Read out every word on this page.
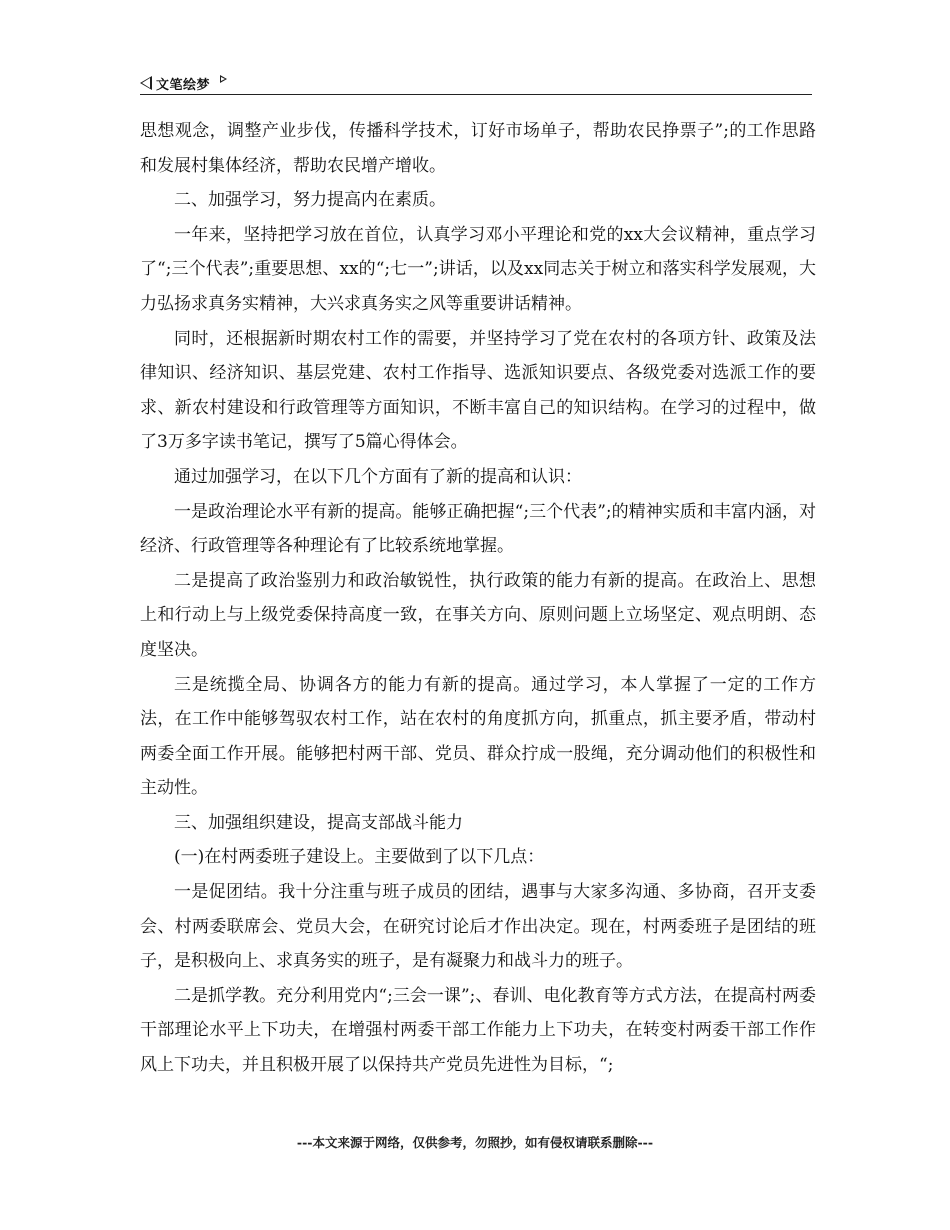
文笔绘梦

思想观念，调整产业步伐，传播科学技术，订好市场单子，帮助农民挣票子”;的工作思路和发展村集体经济，帮助农民增产增收。

二、加强学习，努力提高内在素质。

一年来，坚持把学习放在首位，认真学习邓小平理论和党的xx大会议精神，重点学习了“;三个代表”;重要思想、xx的“;七一”;讲话，以及xx同志关于树立和落实科学发展观，大力弘扬求真务实精神，大兴求真务实之风等重要讲话精神。

同时，还根据新时期农村工作的需要，并坚持学习了党在农村的各项方针、政策及法律知识、经济知识、基层党建、农村工作指导、选派知识要点、各级党委对选派工作的要求、新农村建设和行政管理等方面知识，不断丰富自己的知识结构。在学习的过程中，做了3万多字读书笔记，撰写了5篇心得体会。

通过加强学习，在以下几个方面有了新的提高和认识：

一是政治理论水平有新的提高。能够正确把握“;三个代表”;的精神实质和丰富内涵，对经济、行政管理等各种理论有了比较系统地掌握。

二是提高了政治鉴别力和政治敏锐性，执行政策的能力有新的提高。在政治上、思想上和行动上与上级党委保持高度一致，在事关方向、原则问题上立场坚定、观点明朗、态度坚决。

三是统揽全局、协调各方的能力有新的提高。通过学习，本人掌握了一定的工作方法，在工作中能够驾驭农村工作，站在农村的角度抓方向，抓重点，抓主要矛盾，带动村两委全面工作开展。能够把村两干部、党员、群众拧成一股绳，充分调动他们的积极性和主动性。

三、加强组织建设，提高支部战斗能力

(一)在村两委班子建设上。主要做到了以下几点：

一是促团结。我十分注重与班子成员的团结，遇事与大家多沟通、多协商，召开支委会、村两委联席会、党员大会，在研究讨论后才作出决定。现在，村两委班子是团结的班子，是积极向上、求真务实的班子，是有凝聚力和战斗力的班子。

二是抓学教。充分利用党内“;三会一课”;、春训、电化教育等方式方法，在提高村两委干部理论水平上下功夫，在增强村两委干部工作能力上下功夫，在转变村两委干部工作作风上下功夫，并且积极开展了以保持共产党员先进性为目标，“;

---本文来源于网络，仅供参考，勿照抄，如有侵权请联系删除---
